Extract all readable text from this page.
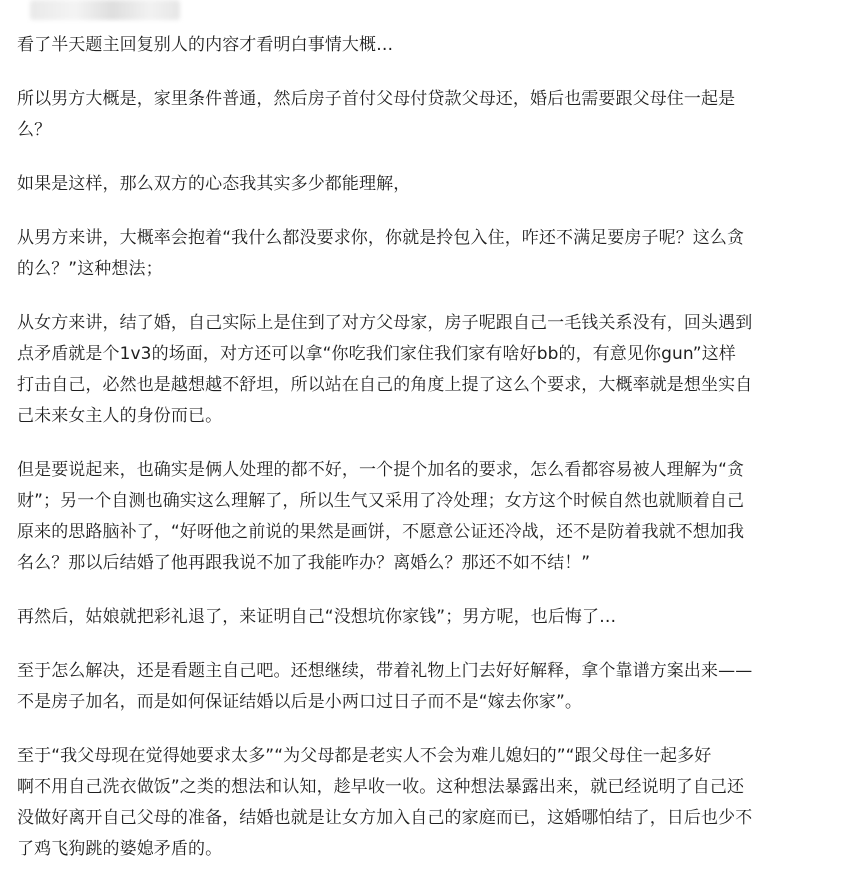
看了半天题主回复别人的内容才看明白事情大概…

所以男方大概是，家里条件普通，然后房子首付父母付贷款父母还，婚后也需要跟父母住一起是
么？

如果是这样，那么双方的心态我其实多少都能理解，

从男方来讲，大概率会抱着“我什么都没要求你，你就是拎包入住，咋还不满足要房子呢？这么贪
的么？”这种想法；

从女方来讲，结了婚，自己实际上是住到了对方父母家，房子呢跟自己一毛钱关系没有，回头遇到
点矛盾就是个1v3的场面，对方还可以拿“你吃我们家住我们家有啥好bb的，有意见你gun”这样
打击自己，必然也是越想越不舒坦，所以站在自己的角度上提了这么个要求，大概率就是想坐实自
己未来女主人的身份而已。

但是要说起来，也确实是俩人处理的都不好，一个提个加名的要求，怎么看都容易被人理解为“贪
财”；另一个自测也确实这么理解了，所以生气又采用了冷处理；女方这个时候自然也就顺着自己
原来的思路脑补了，“好呀他之前说的果然是画饼，不愿意公证还冷战，还不是防着我就不想加我
名么？那以后结婚了他再跟我说不加了我能咋办？离婚么？那还不如不结！”

再然后，姑娘就把彩礼退了，来证明自己“没想坑你家钱”；男方呢，也后悔了…

至于怎么解决，还是看题主自己吧。还想继续，带着礼物上门去好好解释，拿个靠谱方案出来——
不是房子加名，而是如何保证结婚以后是小两口过日子而不是“嫁去你家”。

至于“我父母现在觉得她要求太多”“为父母都是老实人不会为难儿媳妇的”“跟父母住一起多好
啊不用自己洗衣做饭”之类的想法和认知，趁早收一收。这种想法暴露出来，就已经说明了自己还
没做好离开自己父母的准备，结婚也就是让女方加入自己的家庭而已，这婚哪怕结了，日后也少不
了鸡飞狗跳的婆媳矛盾的。
